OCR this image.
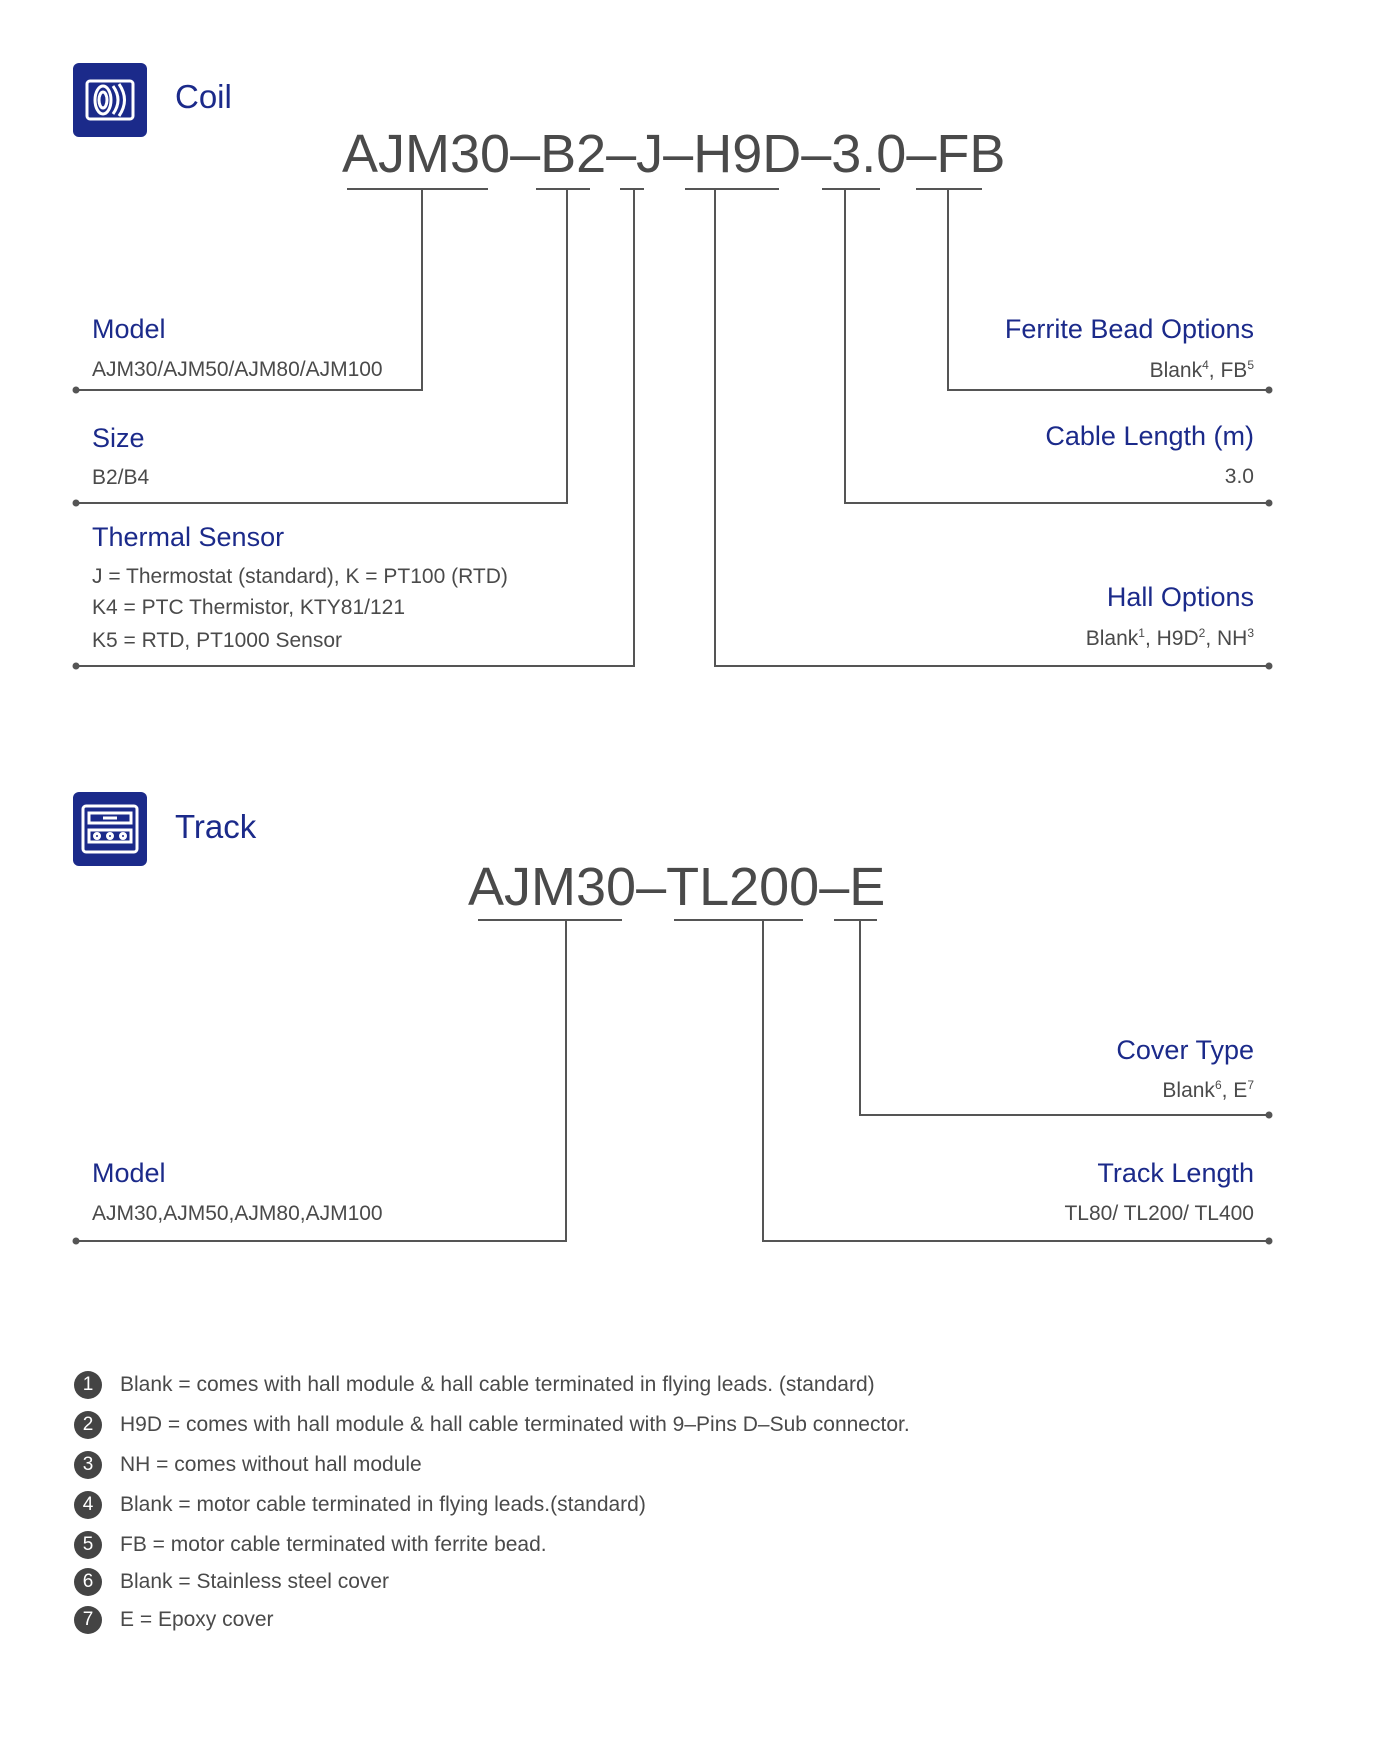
Coil
AJM30–B2–J–H9D–3.0–FB
Model
AJM30/AJM50/AJM80/AJM100
Size
B2/B4
Thermal Sensor
J = Thermostat (standard), K = PT100 (RTD)
K4 = PTC Thermistor, KTY81/121
K5 = RTD, PT1000 Sensor
Ferrite Bead Options
Blank$^4$, $FB^5$
Cable Length (m)
3.0
Hall Options
Blank$^1$, $H9D^2$, $NH^3$
Track
AJM30–TL200–E
Model
AJM30,AJM50,AJM80,AJM100
Cover Type
Blank$^6$, $E^7$
Track Length
TL80/ TL200/ TL400
1	Blank = comes with hall module & hall cable terminated in flying leads. (standard)
2	H9D = comes with hall module & hall cable terminated with 9–Pins D–Sub connector.
3	NH = comes without hall module
4	Blank = motor cable terminated in flying leads.(standard)
5	FB = motor cable terminated with ferrite bead.
6	Blank = Stainless steel cover
7	E = Epoxy cover
